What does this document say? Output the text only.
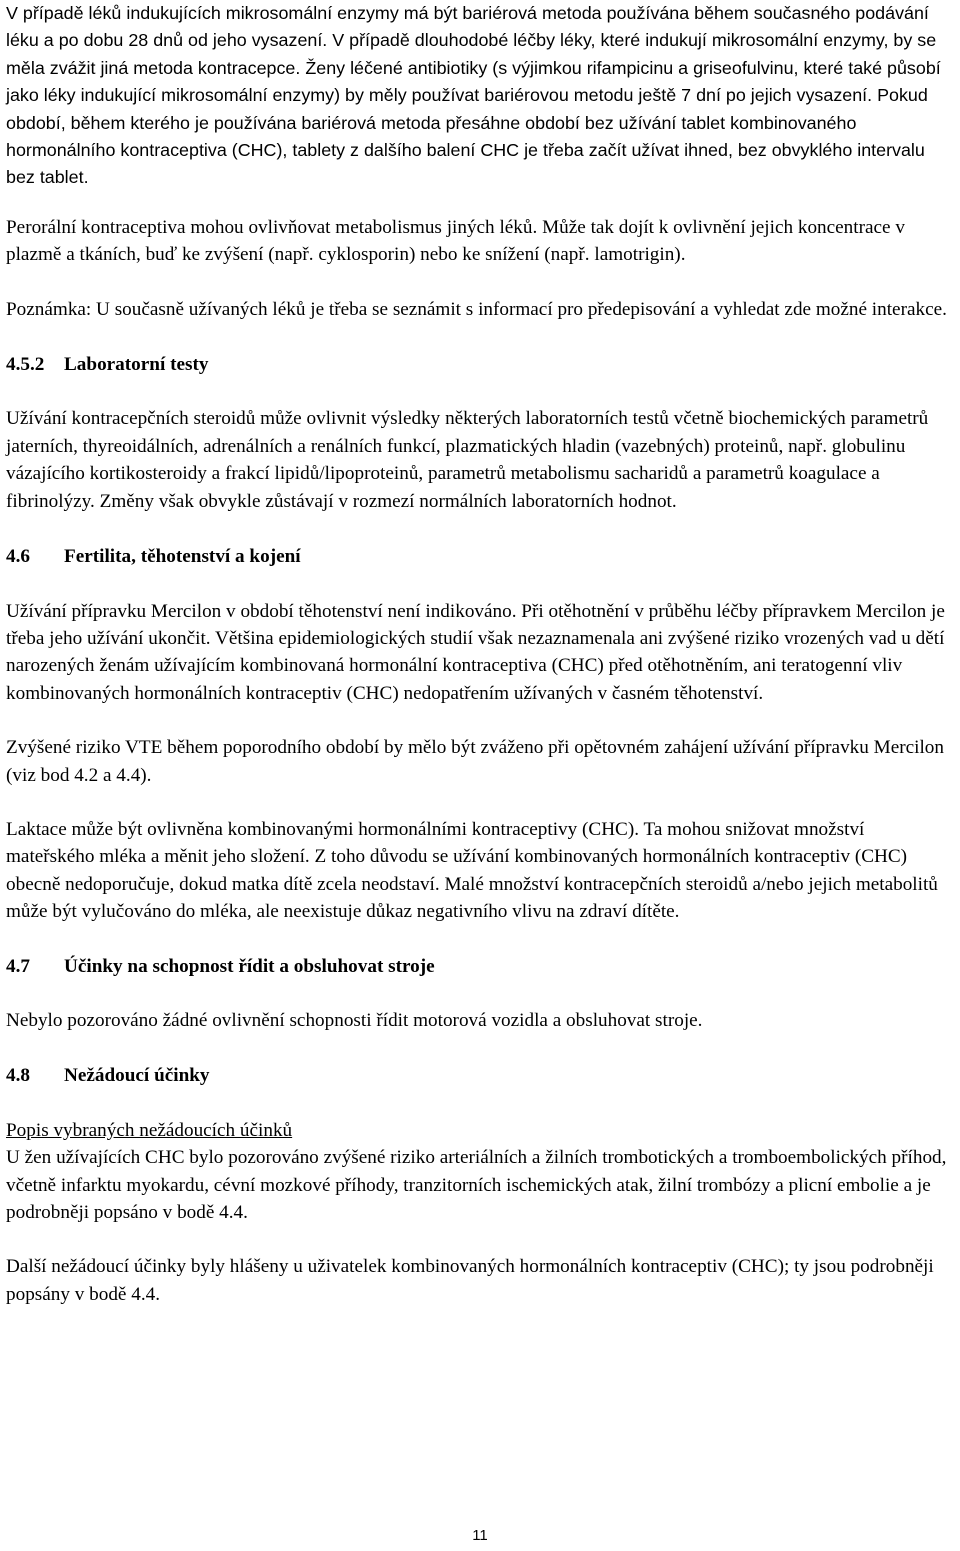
V případě léků indukujících mikrosomální enzymy má být bariérová metoda používána během současného podávání léku a po dobu 28 dnů od jeho vysazení. V případě dlouhodobé léčby léky, které indukují mikrosomální enzymy, by se měla zvážit jiná metoda kontracepce. Ženy léčené antibiotiky (s výjimkou rifampicinu a griseofulvinu, které také působí jako léky indukující mikrosomální enzymy) by měly používat bariérovou metodu ještě 7 dní po jejich vysazení. Pokud období, během kterého je používána bariérová metoda přesáhne období bez užívání tablet kombinovaného hormonálního kontraceptiva (CHC), tablety z dalšího balení CHC je třeba začít užívat ihned, bez obvyklého intervalu bez tablet.

Perorální kontraceptiva mohou ovlivňovat metabolismus jiných léků. Může tak dojít k ovlivnění jejich koncentrace v plazmě a tkáních, buď ke zvýšení (např. cyklosporin) nebo ke snížení (např. lamotrigin).

Poznámka: U současně užívaných léků je třeba se seznámit s informací pro předepisování a vyhledat zde možné interakce.

4.5.2	Laboratorní testy

Užívání kontracepčních steroidů může ovlivnit výsledky některých laboratorních testů včetně biochemických parametrů jaterních, thyreoidálních, adrenálních a renálních funkcí, plazmatických hladin (vazebných) proteinů, např. globulinu vázajícího kortikosteroidy a frakcí lipidů/lipoproteinů, parametrů metabolismu sacharidů a parametrů koagulace a fibrinolýzy. Změny však obvykle zůstávají v rozmezí normálních laboratorních hodnot.

4.6	Fertilita, těhotenství a kojení

Užívání přípravku Mercilon v období těhotenství není indikováno. Při otěhotnění v průběhu léčby přípravkem Mercilon je třeba jeho užívání ukončit. Většina epidemiologických studií však nezaznamenala ani zvýšené riziko vrozených vad u dětí narozených ženám užívajícím kombinovaná hormonální kontraceptiva (CHC) před otěhotněním, ani teratogenní vliv kombinovaných hormonálních kontraceptiv (CHC) nedopatřením užívaných v časném těhotenství.

Zvýšené riziko VTE během poporodního období by mělo být zváženo při opětovném zahájení užívání přípravku Mercilon (viz bod 4.2 a 4.4).

Laktace může být ovlivněna kombinovanými hormonálními kontraceptivy (CHC). Ta mohou snižovat množství mateřského mléka a měnit jeho složení. Z toho důvodu se užívání kombinovaných hormonálních kontraceptiv (CHC) obecně nedoporučuje, dokud matka dítě zcela neodstaví. Malé množství kontracepčních steroidů a/nebo jejich metabolitů může být vylučováno do mléka, ale neexistuje důkaz negativního vlivu na zdraví dítěte.

4.7	Účinky na schopnost řídit a obsluhovat stroje

Nebylo pozorováno žádné ovlivnění schopnosti řídit motorová vozidla a obsluhovat stroje.

4.8	Nežádoucí účinky

Popis vybraných nežádoucích účinků

U žen užívajících CHC bylo pozorováno zvýšené riziko arteriálních a žilních trombotických a tromboembolických příhod, včetně infarktu myokardu, cévní mozkové příhody, tranzitorních ischemických atak, žilní trombózy a plicní embolie a je podrobněji popsáno v bodě 4.4.

Další nežádoucí účinky byly hlášeny u uživatelek kombinovaných hormonálních kontraceptiv (CHC); ty jsou podrobněji popsány v bodě 4.4.

11
